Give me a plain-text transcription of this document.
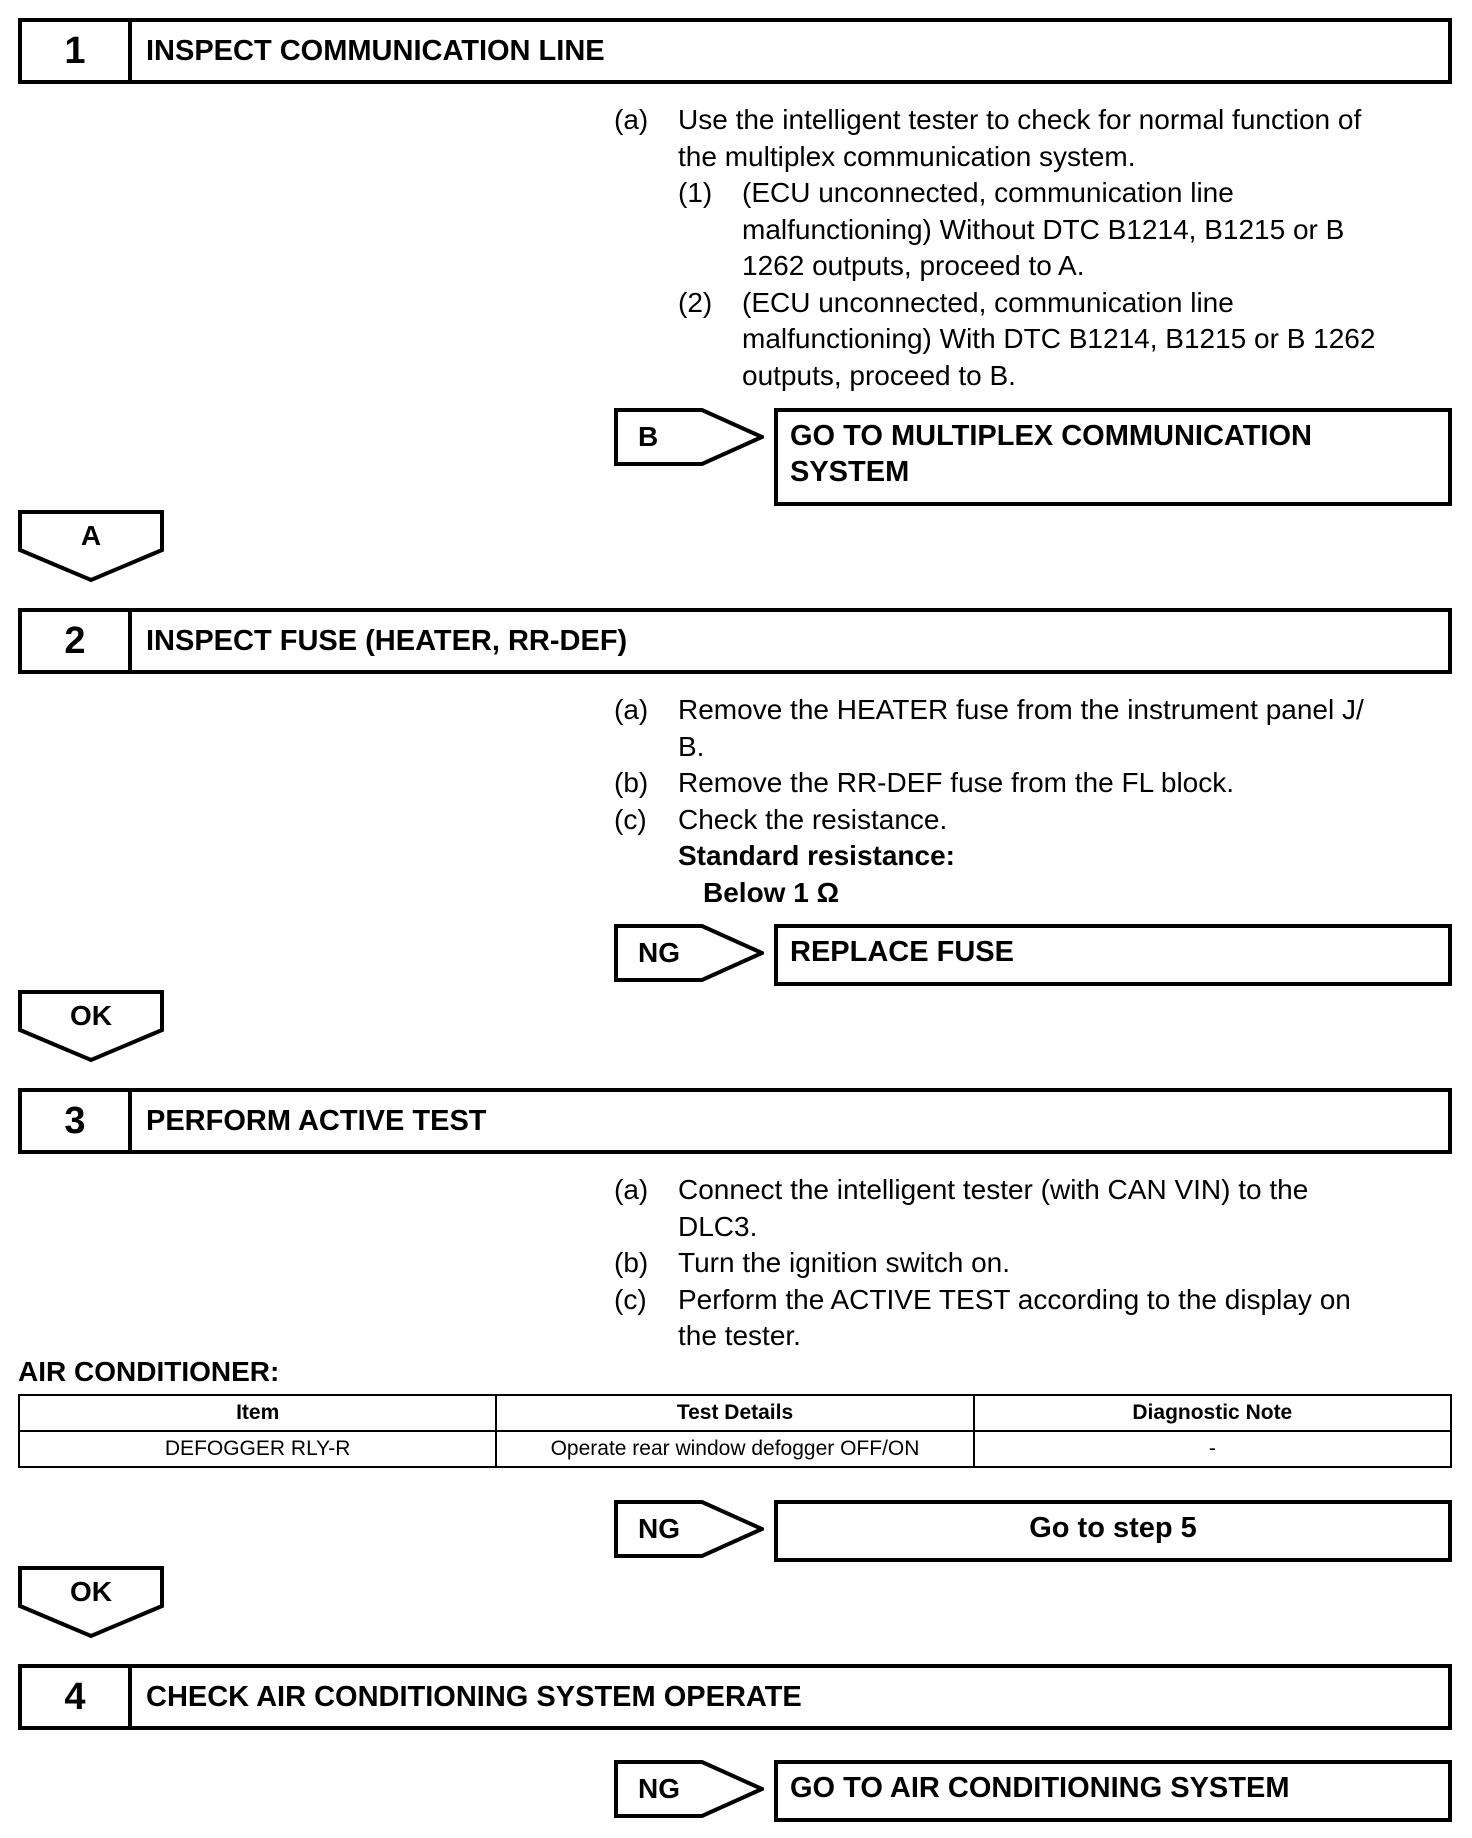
1	INSPECT COMMUNICATION LINE
(a)	Use the intelligent tester to check for normal function of
the multiplex communication system.
(1)	(ECU unconnected, communication line
malfunctioning) Without DTC B1214, B1215 or B
1262 outputs, proceed to A.
(2)	(ECU unconnected, communication line
malfunctioning) With DTC B1214, B1215 or B 1262
outputs, proceed to B.
B	GO TO MULTIPLEX COMMUNICATION
SYSTEM
A
2	INSPECT FUSE (HEATER, RR-DEF)
(a)	Remove the HEATER fuse from the instrument panel J/
B.
(b)	Remove the RR-DEF fuse from the FL block.
(c)	Check the resistance.
Standard resistance:
Below 1 Ω
NG	REPLACE FUSE
OK
3	PERFORM ACTIVE TEST
(a)	Connect the intelligent tester (with CAN VIN) to the
DLC3.
(b)	Turn the ignition switch on.
(c)	Perform the ACTIVE TEST according to the display on
the tester.
AIR CONDITIONER:
Item	Test Details	Diagnostic Note
DEFOGGER RLY-R	Operate rear window defogger OFF/ON	-
NG	Go to step 5
OK
4	CHECK AIR CONDITIONING SYSTEM OPERATE
NG	GO TO AIR CONDITIONING SYSTEM
